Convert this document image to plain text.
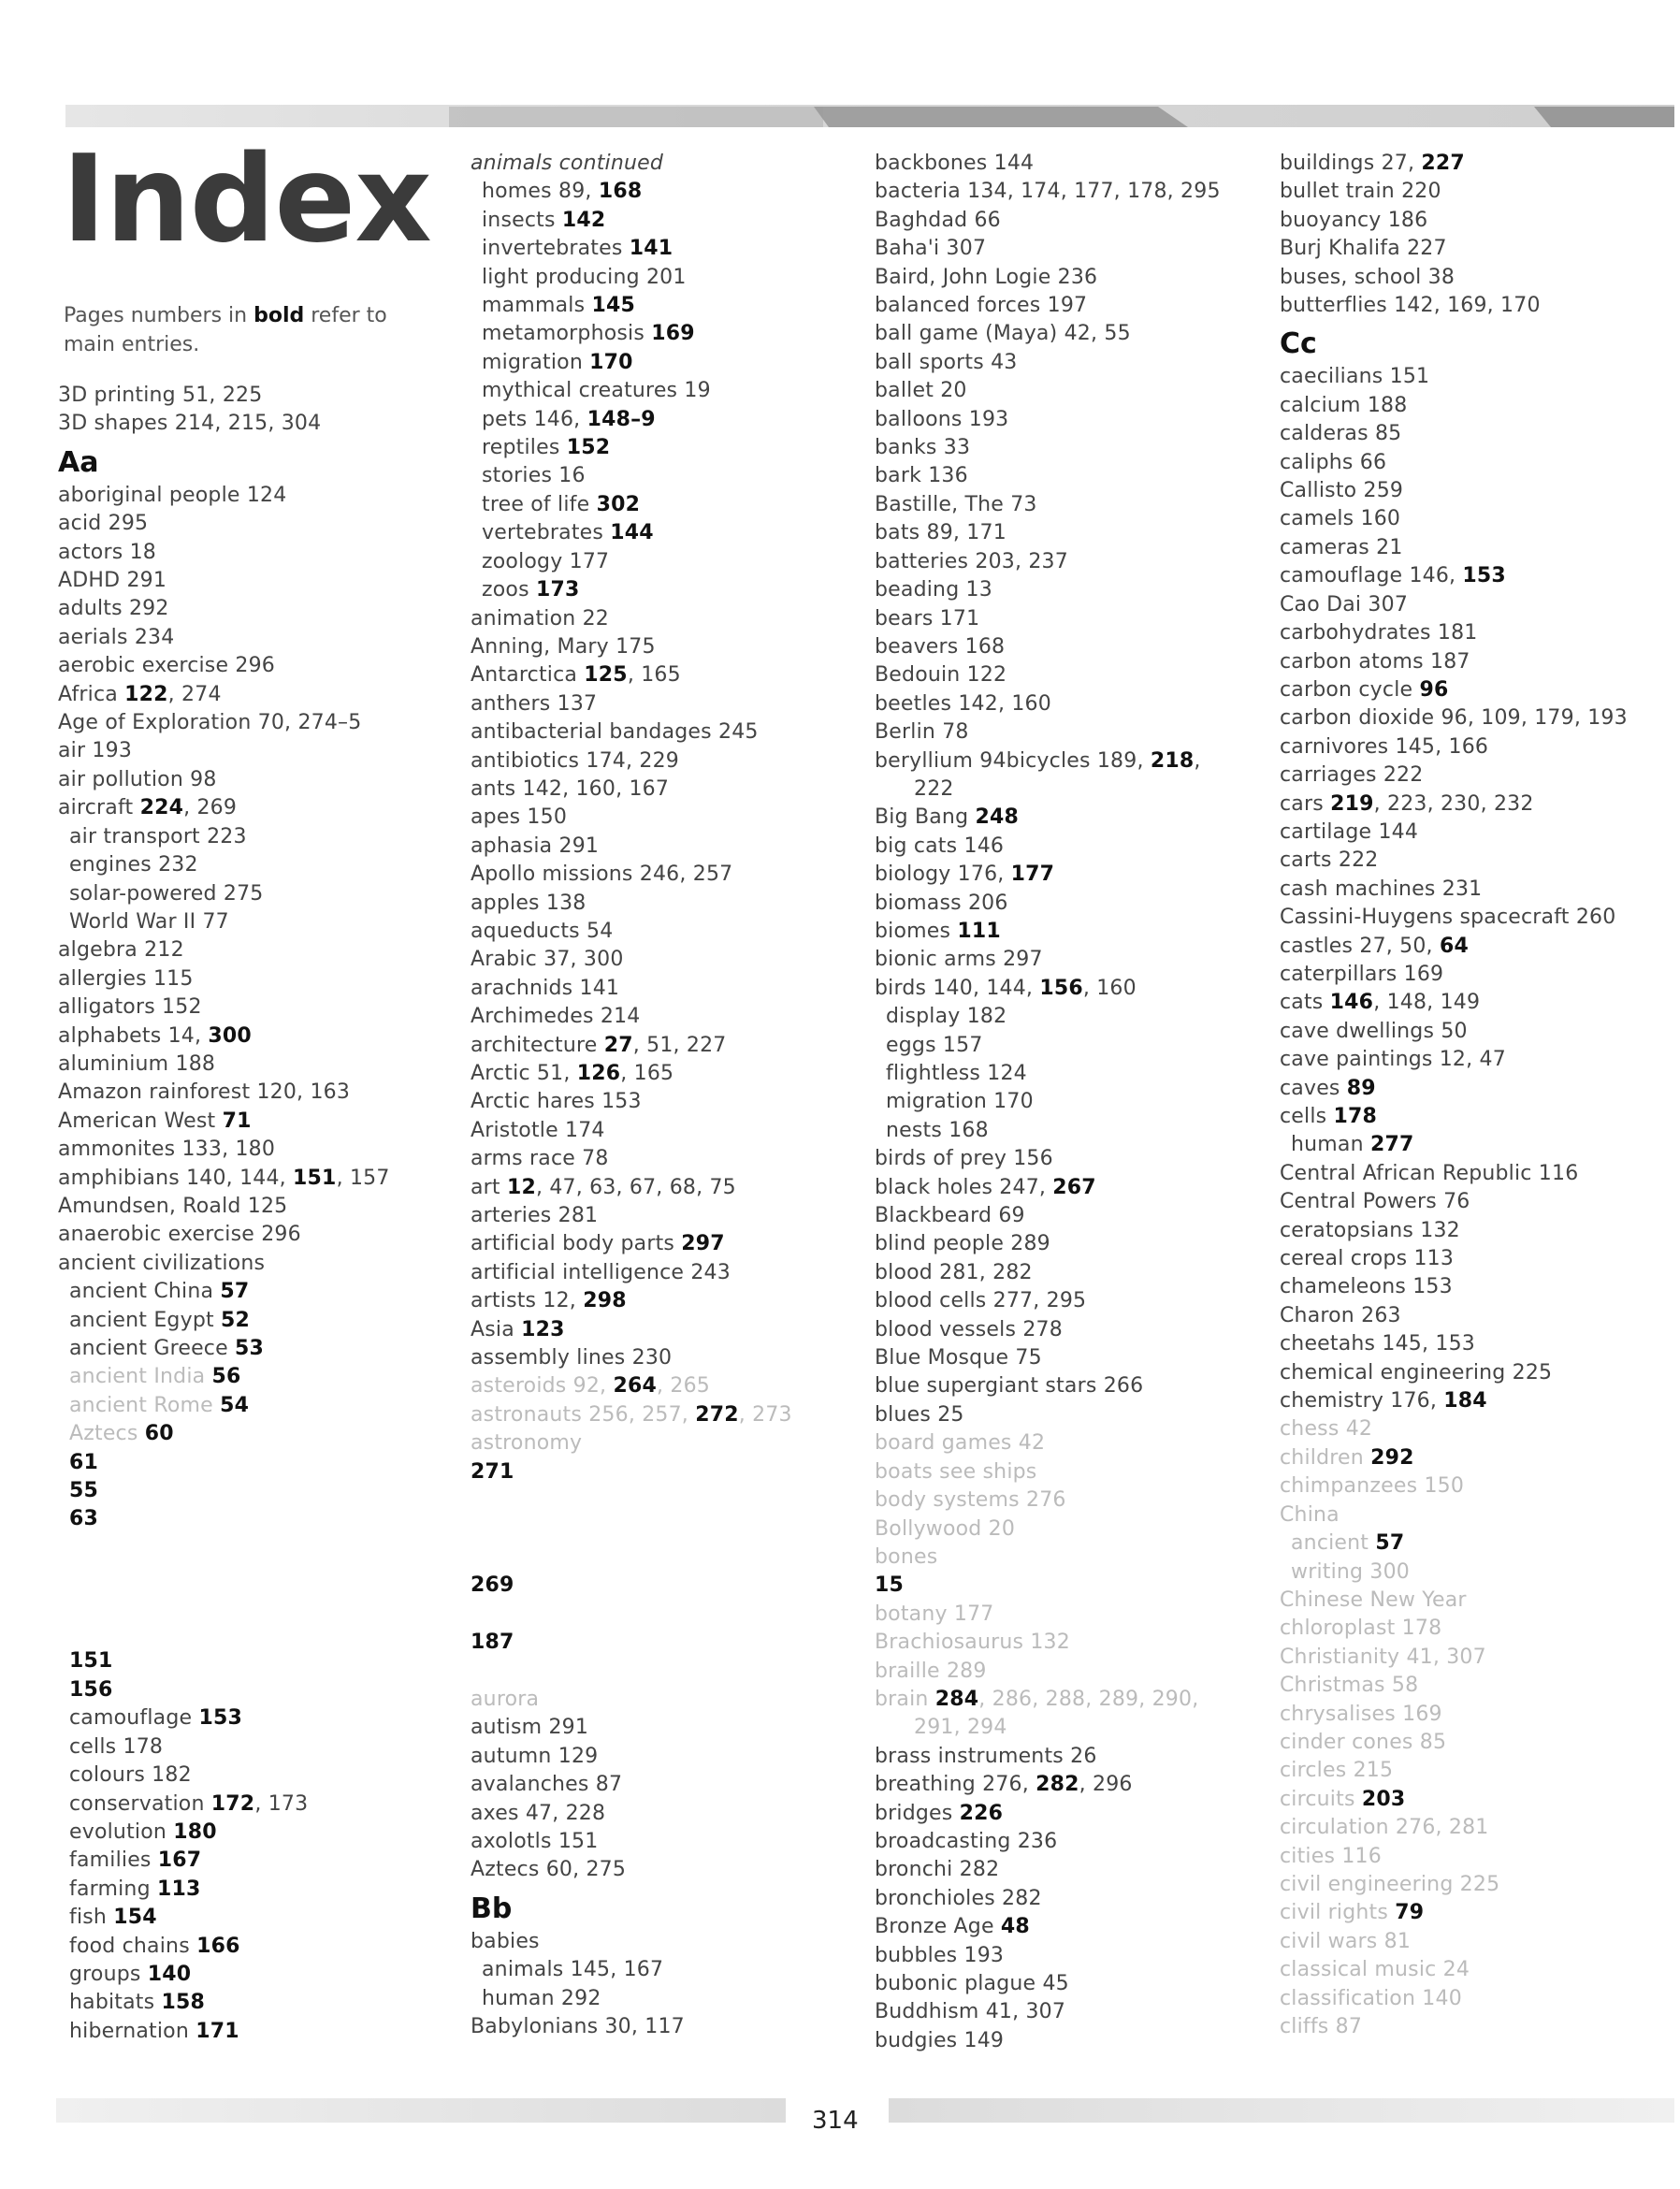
Index
Pages numbers in bold refer to main entries.
3D printing 51, 225
3D shapes 214, 215, 304
Aa
aboriginal people 124
acid 295
actors 18
ADHD 291
adults 292
aerials 234
aerobic exercise 296
Africa 122, 274
Age of Exploration 70, 274–5
air 193
air pollution 98
aircraft 224, 269
air transport 223
engines 232
solar-powered 275
World War II 77
algebra 212
allergies 115
alligators 152
alphabets 14, 300
aluminium 188
Amazon rainforest 120, 163
American West 71
ammonites 133, 180
amphibians 140, 144, 151, 157
Amundsen, Roald 125
anaerobic exercise 296
ancient civilizations
ancient China 57
ancient Egypt 52
ancient Greece 53
ancient India 56
ancient Rome 54
Aztecs 60
61
55
63

151
156
camouflage 153
cells 178
colours 182
conservation 172, 173
evolution 180
families 167
farming 113
fish 154
food chains 166
groups 140
habitats 158
hibernation 171
animals continued
homes 89, 168
insects 142
invertebrates 141
light producing 201
mammals 145
metamorphosis 169
migration 170
mythical creatures 19
pets 146, 148–9
reptiles 152
stories 16
tree of life 302
vertebrates 144
zoology 177
zoos 173
animation 22
Anning, Mary 175
Antarctica 125, 165
anthers 137
antibacterial bandages 245
antibiotics 174, 229
ants 142, 160, 167
apes 150
aphasia 291
Apollo missions 246, 257
apples 138
aqueducts 54
Arabic 37, 300
arachnids 141
Archimedes 214
architecture 27, 51, 227
Arctic 51, 126, 165
Arctic hares 153
Aristotle 174
arms race 78
art 12, 47, 63, 67, 68, 75
arteries 281
artificial body parts 297
artificial intelligence 243
artists 12, 298
Asia 123
assembly lines 230
asteroids 92, 264, 265
astronauts 256, 257, 272, 273
astronomy
271

269

187

aurora
autism 291
autumn 129
avalanches 87
axes 47, 228
axolotls 151
Aztecs 60, 275
Bb
babies
animals 145, 167
human 292
Babylonians 30, 117
backbones 144
bacteria 134, 174, 177, 178, 295
Baghdad 66
Baha'i 307
Baird, John Logie 236
balanced forces 197
ball game (Maya) 42, 55
ball sports 43
ballet 20
balloons 193
banks 33
bark 136
Bastille, The 73
bats 89, 171
batteries 203, 237
beading 13
bears 171
beavers 168
Bedouin 122
beetles 142, 160
Berlin 78
beryllium 94bicycles 189, 218,
222
Big Bang 248
big cats 146
biology 176, 177
biomass 206
biomes 111
bionic arms 297
birds 140, 144, 156, 160
display 182
eggs 157
flightless 124
migration 170
nests 168
birds of prey 156
black holes 247, 267
Blackbeard 69
blind people 289
blood 281, 282
blood cells 277, 295
blood vessels 278
Blue Mosque 75
blue supergiant stars 266
blues 25
board games 42
boats see ships
body systems 276
Bollywood 20
bones
15
botany 177
Brachiosaurus 132
braille 289
brain 284, 286, 288, 289, 290,
291, 294
brass instruments 26
breathing 276, 282, 296
bridges 226
broadcasting 236
bronchi 282
bronchioles 282
Bronze Age 48
bubbles 193
bubonic plague 45
Buddhism 41, 307
budgies 149
buildings 27, 227
bullet train 220
buoyancy 186
Burj Khalifa 227
buses, school 38
butterflies 142, 169, 170
Cc
caecilians 151
calcium 188
calderas 85
caliphs 66
Callisto 259
camels 160
cameras 21
camouflage 146, 153
Cao Dai 307
carbohydrates 181
carbon atoms 187
carbon cycle 96
carbon dioxide 96, 109, 179, 193
carnivores 145, 166
carriages 222
cars 219, 223, 230, 232
cartilage 144
carts 222
cash machines 231
Cassini-Huygens spacecraft 260
castles 27, 50, 64
caterpillars 169
cats 146, 148, 149
cave dwellings 50
cave paintings 12, 47
caves 89
cells 178
human 277
Central African Republic 116
Central Powers 76
ceratopsians 132
cereal crops 113
chameleons 153
Charon 263
cheetahs 145, 153
chemical engineering 225
chemistry 176, 184
chess 42
children 292
chimpanzees 150
China
ancient 57
writing 300
Chinese New Year
chloroplast 178
Christianity 41, 307
Christmas 58
chrysalises 169
cinder cones 85
circles 215
circuits 203
circulation 276, 281
cities 116
civil engineering 225
civil rights 79
civil wars 81
classical music 24
classification 140
cliffs 87
314
